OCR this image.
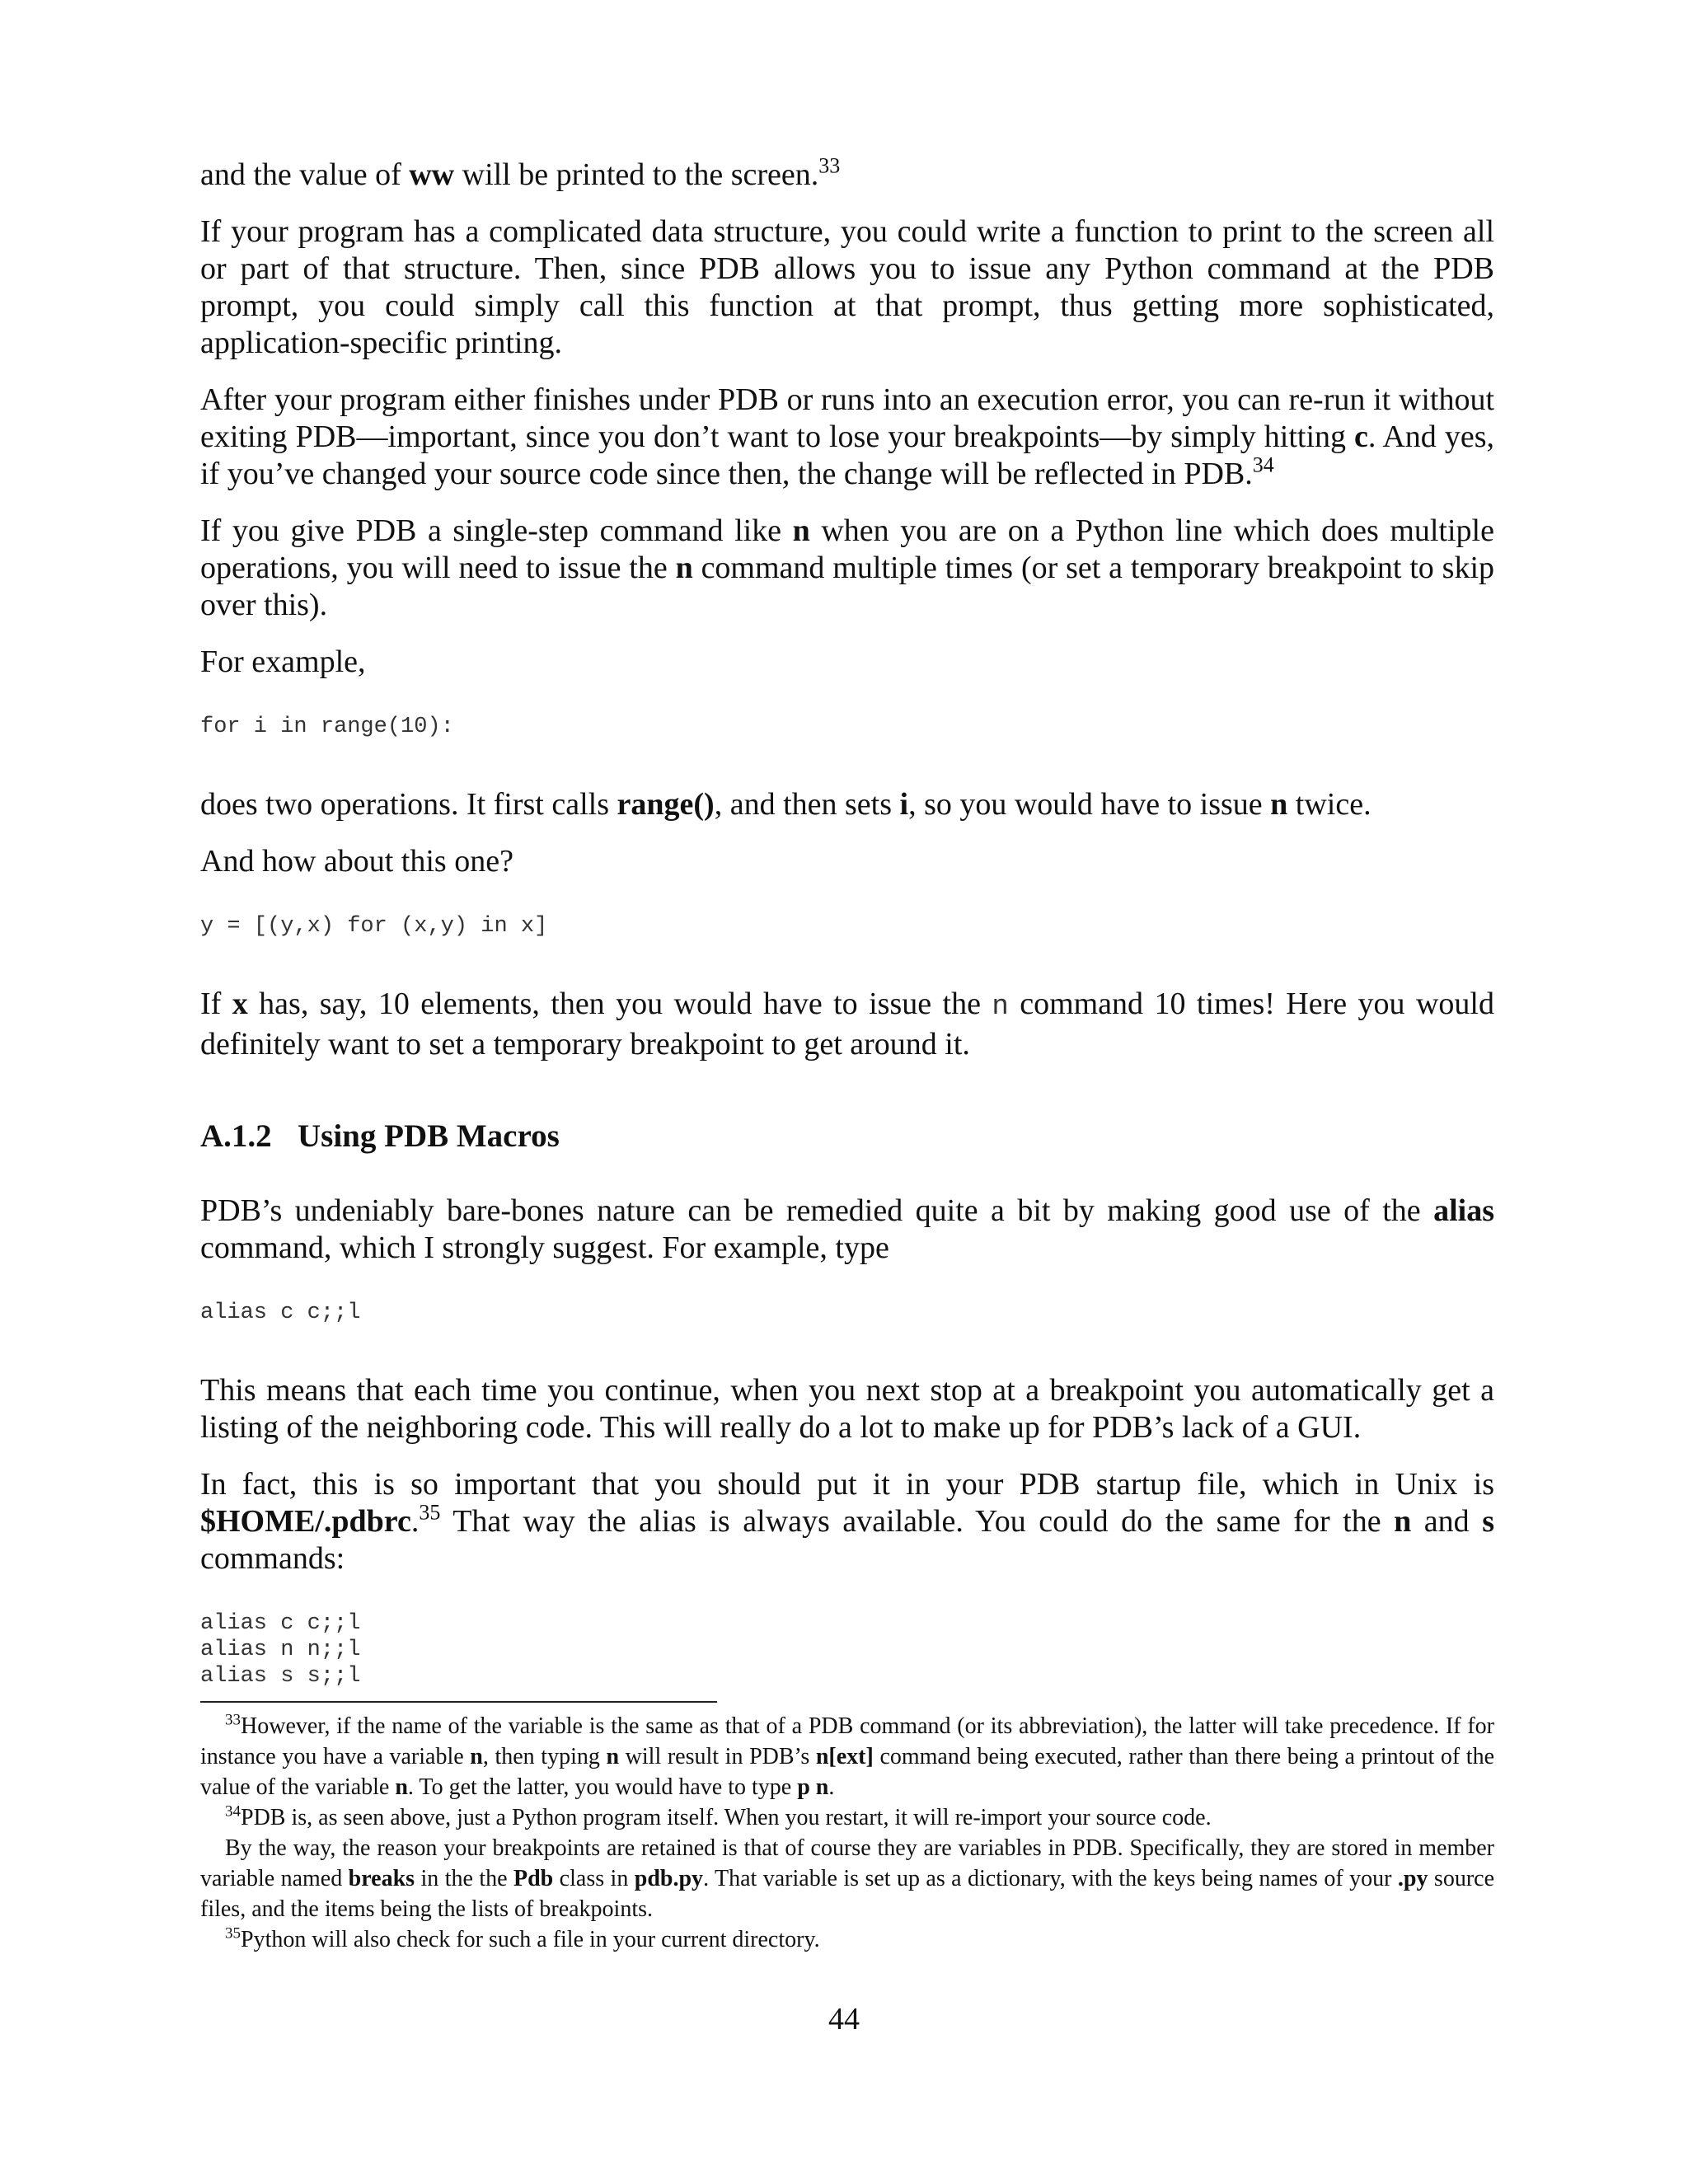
and the value of ww will be printed to the screen.$^{33}$

If your program has a complicated data structure, you could write a function to print to the screen all or part of that structure. Then, since PDB allows you to issue any Python command at the PDB prompt, you could simply call this function at that prompt, thus getting more sophisticated, application-specific printing.

After your program either finishes under PDB or runs into an execution error, you can re-run it without exiting PDB—important, since you don’t want to lose your breakpoints—by simply hitting c. And yes, if you’ve changed your source code since then, the change will be reflected in PDB.$^{34}$

If you give PDB a single-step command like n when you are on a Python line which does multiple operations, you will need to issue the n command multiple times (or set a temporary breakpoint to skip over this).

For example,

for i in range(10):

does two operations. It first calls range(), and then sets i, so you would have to issue n twice.

And how about this one?

y = [(y,x) for (x,y) in x]

If x has, say, 10 elements, then you would have to issue the n command 10 times! Here you would definitely want to set a temporary breakpoint to get around it.

A.1.2 Using PDB Macros

PDB’s undeniably bare-bones nature can be remedied quite a bit by making good use of the alias command, which I strongly suggest. For example, type

alias c c;;l

This means that each time you continue, when you next stop at a breakpoint you automatically get a listing of the neighboring code. This will really do a lot to make up for PDB’s lack of a GUI.

In fact, this is so important that you should put it in your PDB startup file, which in Unix is $HOME/.pdbrc.$^{35}$ That way the alias is always available. You could do the same for the n and s commands:

alias c c;;l
alias n n;;l
alias s s;;l

$^{33}$However, if the name of the variable is the same as that of a PDB command (or its abbreviation), the latter will take precedence. If for instance you have a variable n, then typing n will result in PDB’s n[ext] command being executed, rather than there being a printout of the value of the variable n. To get the latter, you would have to type p n.

$^{34}$PDB is, as seen above, just a Python program itself. When you restart, it will re-import your source code.

By the way, the reason your breakpoints are retained is that of course they are variables in PDB. Specifically, they are stored in member variable named breaks in the the Pdb class in pdb.py. That variable is set up as a dictionary, with the keys being names of your .py source files, and the items being the lists of breakpoints.

$^{35}$Python will also check for such a file in your current directory.

44
